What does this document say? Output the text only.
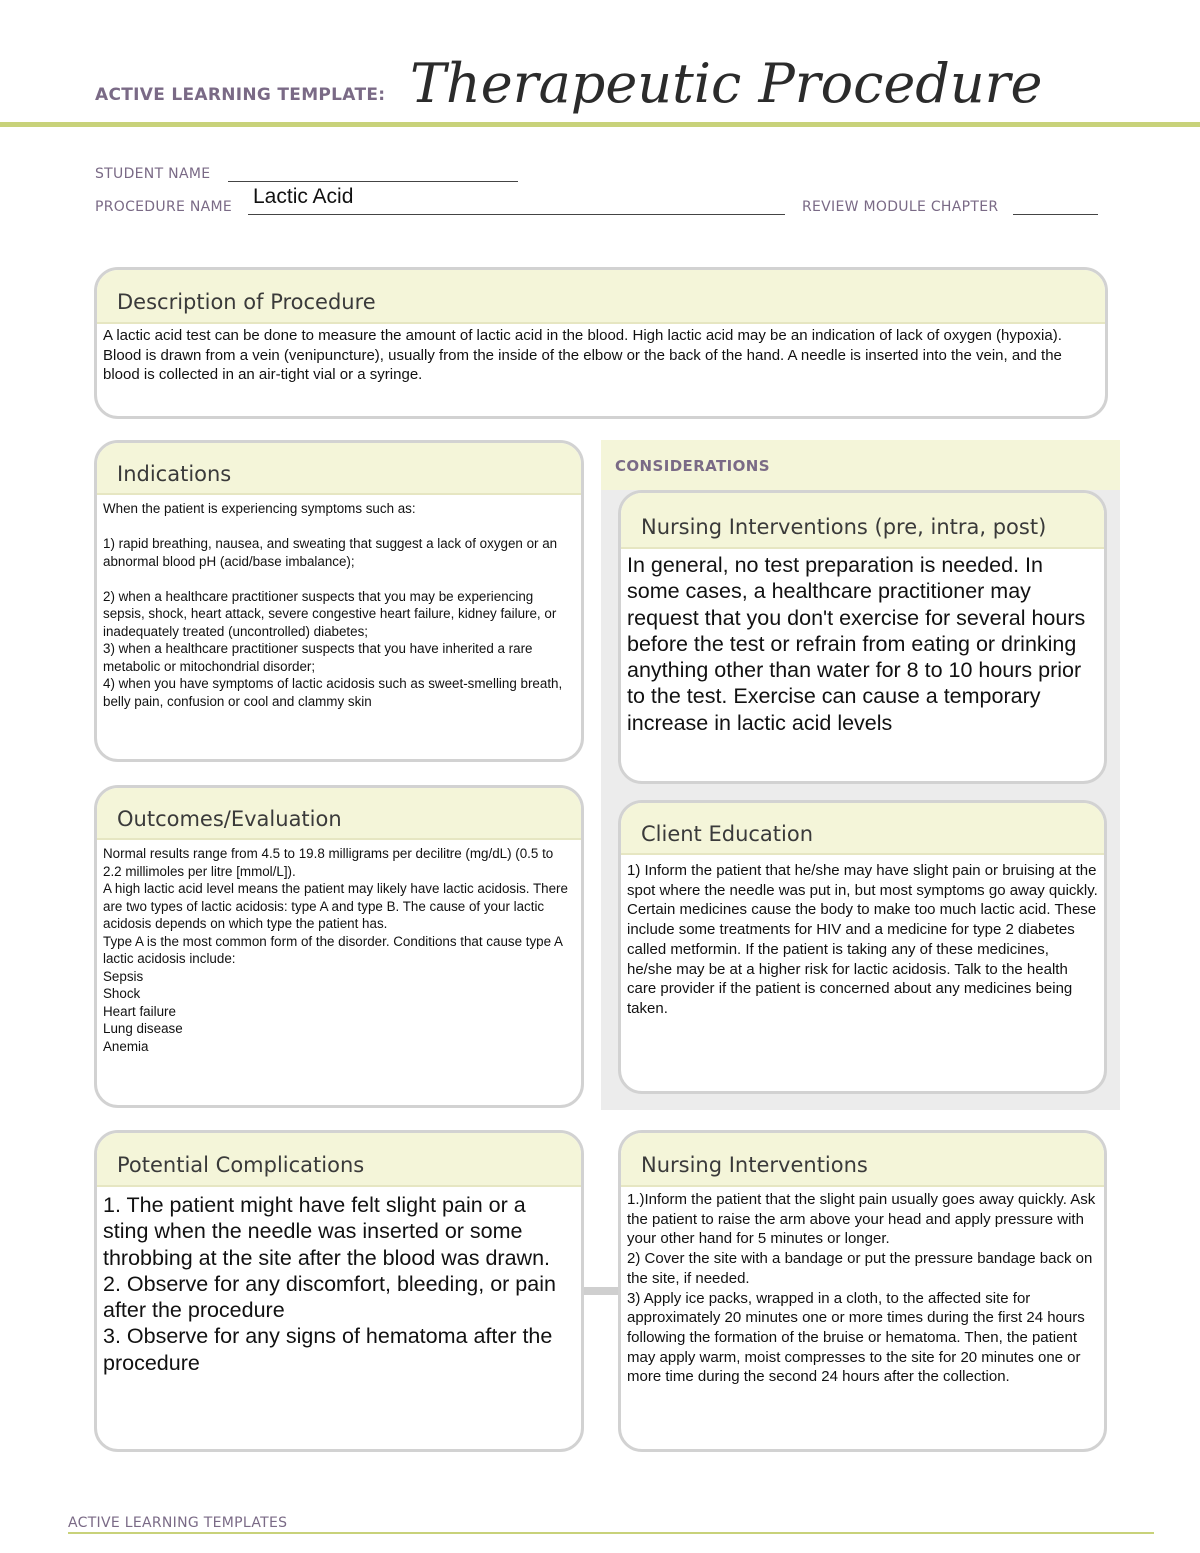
ACTIVE LEARNING TEMPLATE: Therapeutic Procedure
STUDENT NAME
PROCEDURE NAME Lactic Acid	REVIEW MODULE CHAPTER
Description of Procedure
A lactic acid test can be done to measure the amount of lactic acid in the blood. High lactic acid may be an indication of lack of oxygen (hypoxia). Blood is drawn from a vein (venipuncture), usually from the inside of the elbow or the back of the hand. A needle is inserted into the vein, and the blood is collected in an air-tight vial or a syringe.
CONSIDERATIONS
Indications
When the patient is experiencing symptoms such as:

1) rapid breathing, nausea, and sweating that suggest a lack of oxygen or an abnormal blood pH (acid/base imbalance);

2) when a healthcare practitioner suspects that you may be experiencing sepsis, shock, heart attack, severe congestive heart failure, kidney failure, or inadequately treated (uncontrolled) diabetes;
3) when a healthcare practitioner suspects that you have inherited a rare metabolic or mitochondrial disorder;
4) when you have symptoms of lactic acidosis such as sweet-smelling breath, belly pain, confusion or cool and clammy skin
Nursing Interventions (pre, intra, post)
In general, no test preparation is needed. In some cases, a healthcare practitioner may request that you don't exercise for several hours before the test or refrain from eating or drinking anything other than water for 8 to 10 hours prior to the test. Exercise can cause a temporary increase in lactic acid levels
Outcomes/Evaluation
Normal results range from 4.5 to 19.8 milligrams per decilitre (mg/dL) (0.5 to 2.2 millimoles per litre [mmol/L]).
A high lactic acid level means the patient may likely have lactic acidosis. There are two types of lactic acidosis: type A and type B. The cause of your lactic acidosis depends on which type the patient has.
Type A is the most common form of the disorder. Conditions that cause type A lactic acidosis include:
Sepsis
Shock
Heart failure
Lung disease
Anemia
Client Education
1) Inform the patient that he/she may have slight pain or bruising at the spot where the needle was put in, but most symptoms go away quickly.
Certain medicines cause the body to make too much lactic acid. These include some treatments for HIV and a medicine for type 2 diabetes called metformin. If the patient is taking any of these medicines, he/she may be at a higher risk for lactic acidosis. Talk to the health care provider if the patient is concerned about any medicines being taken.
Potential Complications
1. The patient might have felt slight pain or a sting when the needle was inserted or some throbbing at the site after the blood was drawn.
2. Observe for any discomfort, bleeding, or pain after the procedure
3. Observe for any signs of hematoma after the procedure
Nursing Interventions
1.)Inform the patient that the slight pain usually goes away quickly. Ask the patient to raise the arm above your head and apply pressure with your other hand for 5 minutes or longer.
2) Cover the site with a bandage or put the pressure bandage back on the site, if needed.
3) Apply ice packs, wrapped in a cloth, to the affected site for approximately 20 minutes one or more times during the first 24 hours following the formation of the bruise or hematoma. Then, the patient may apply warm, moist compresses to the site for 20 minutes one or more time during the second 24 hours after the collection.
ACTIVE LEARNING TEMPLATES
